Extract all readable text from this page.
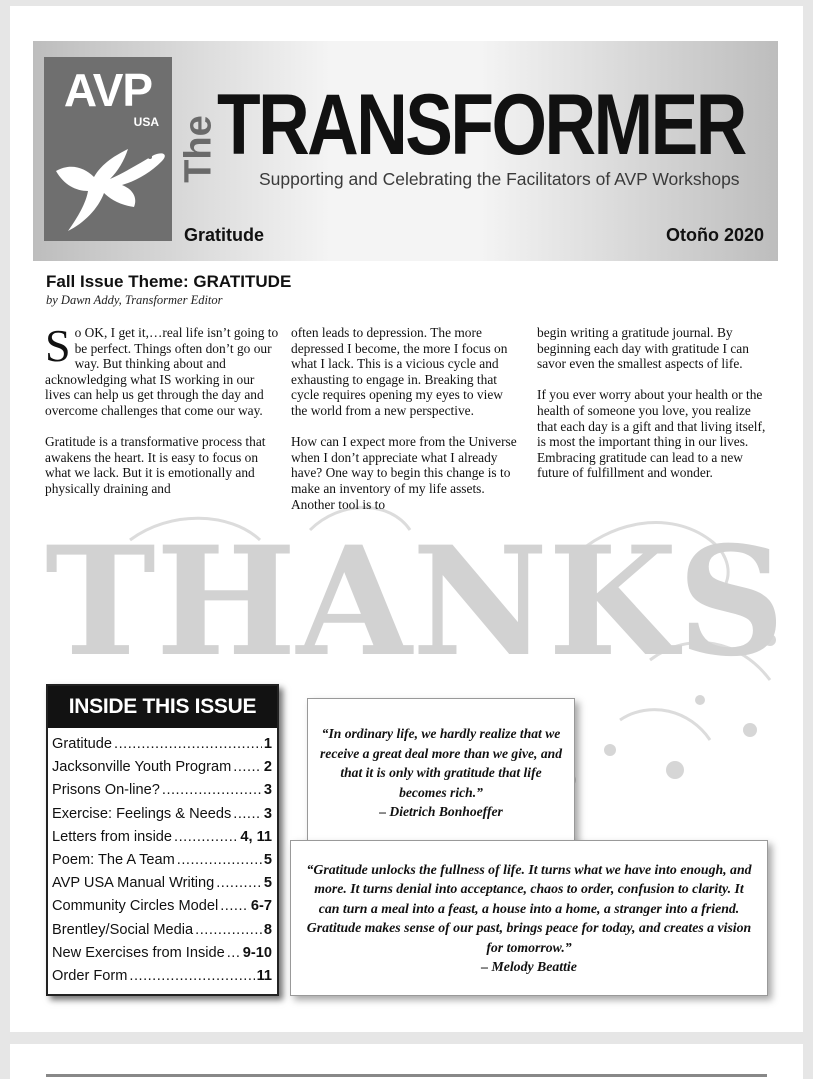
AVP
USA The
TRANSFORMER
Supporting and Celebrating the Facilitators of AVP Workshops
Gratitude	Otoño 2020
Fall Issue Theme: GRATITUDE
by Dawn Addy, Transformer Editor
THANKS

So OK, I get it,…real life isn’t going to be perfect. Things often don’t go our way. But thinking about and acknowledging what IS working in our lives can help us get through the day and overcome challenges that come our way.

Gratitude is a transformative process that awakens the heart. It is easy to focus on what we lack. But it is emotionally and physically draining and

often leads to depression. The more depressed I become, the more I focus on what I lack. This is a vicious cycle and exhausting to engage in. Breaking that cycle requires opening my eyes to view the world from a new perspective.

How can I expect more from the Universe when I don’t appreciate what I already have? One way to begin this change is to make an inventory of my life assets. Another tool is to

begin writing a gratitude journal. By beginning each day with gratitude I can savor even the smallest aspects of life.

If you ever worry about your health or the health of someone you love, you realize that each day is a gift and that living itself, is most the important thing in our lives. Embracing gratitude can lead to a new future of fulfillment and wonder.

INSIDE THIS ISSUE
Gratitude .....	1
Jacksonville Youth Program ..... 2
Prisons On-line? .....	3
Exercise: Feelings & Needs ..... 3
Letters from inside .....	4, 11
Poem: The A Team .....	5
AVP USA Manual Writing .....	5
Community Circles Model ..... 6-7
Brentley/Social Media .....	8
New Exercises from Inside ..... 9-10
Order Form .....	11
“In ordinary life, we hardly realize that we receive a great deal more than we give, and that it is only with gratitude that life becomes rich.”
– Dietrich Bonhoeffer
“Gratitude unlocks the fullness of life. It turns what we have into enough, and more. It turns denial into acceptance, chaos to order, confusion to clarity. It can turn a meal into a feast, a house into a home, a stranger into a friend. Gratitude makes sense of our past, brings peace for today, and creates a vision for tomorrow.”
– Melody Beattie
